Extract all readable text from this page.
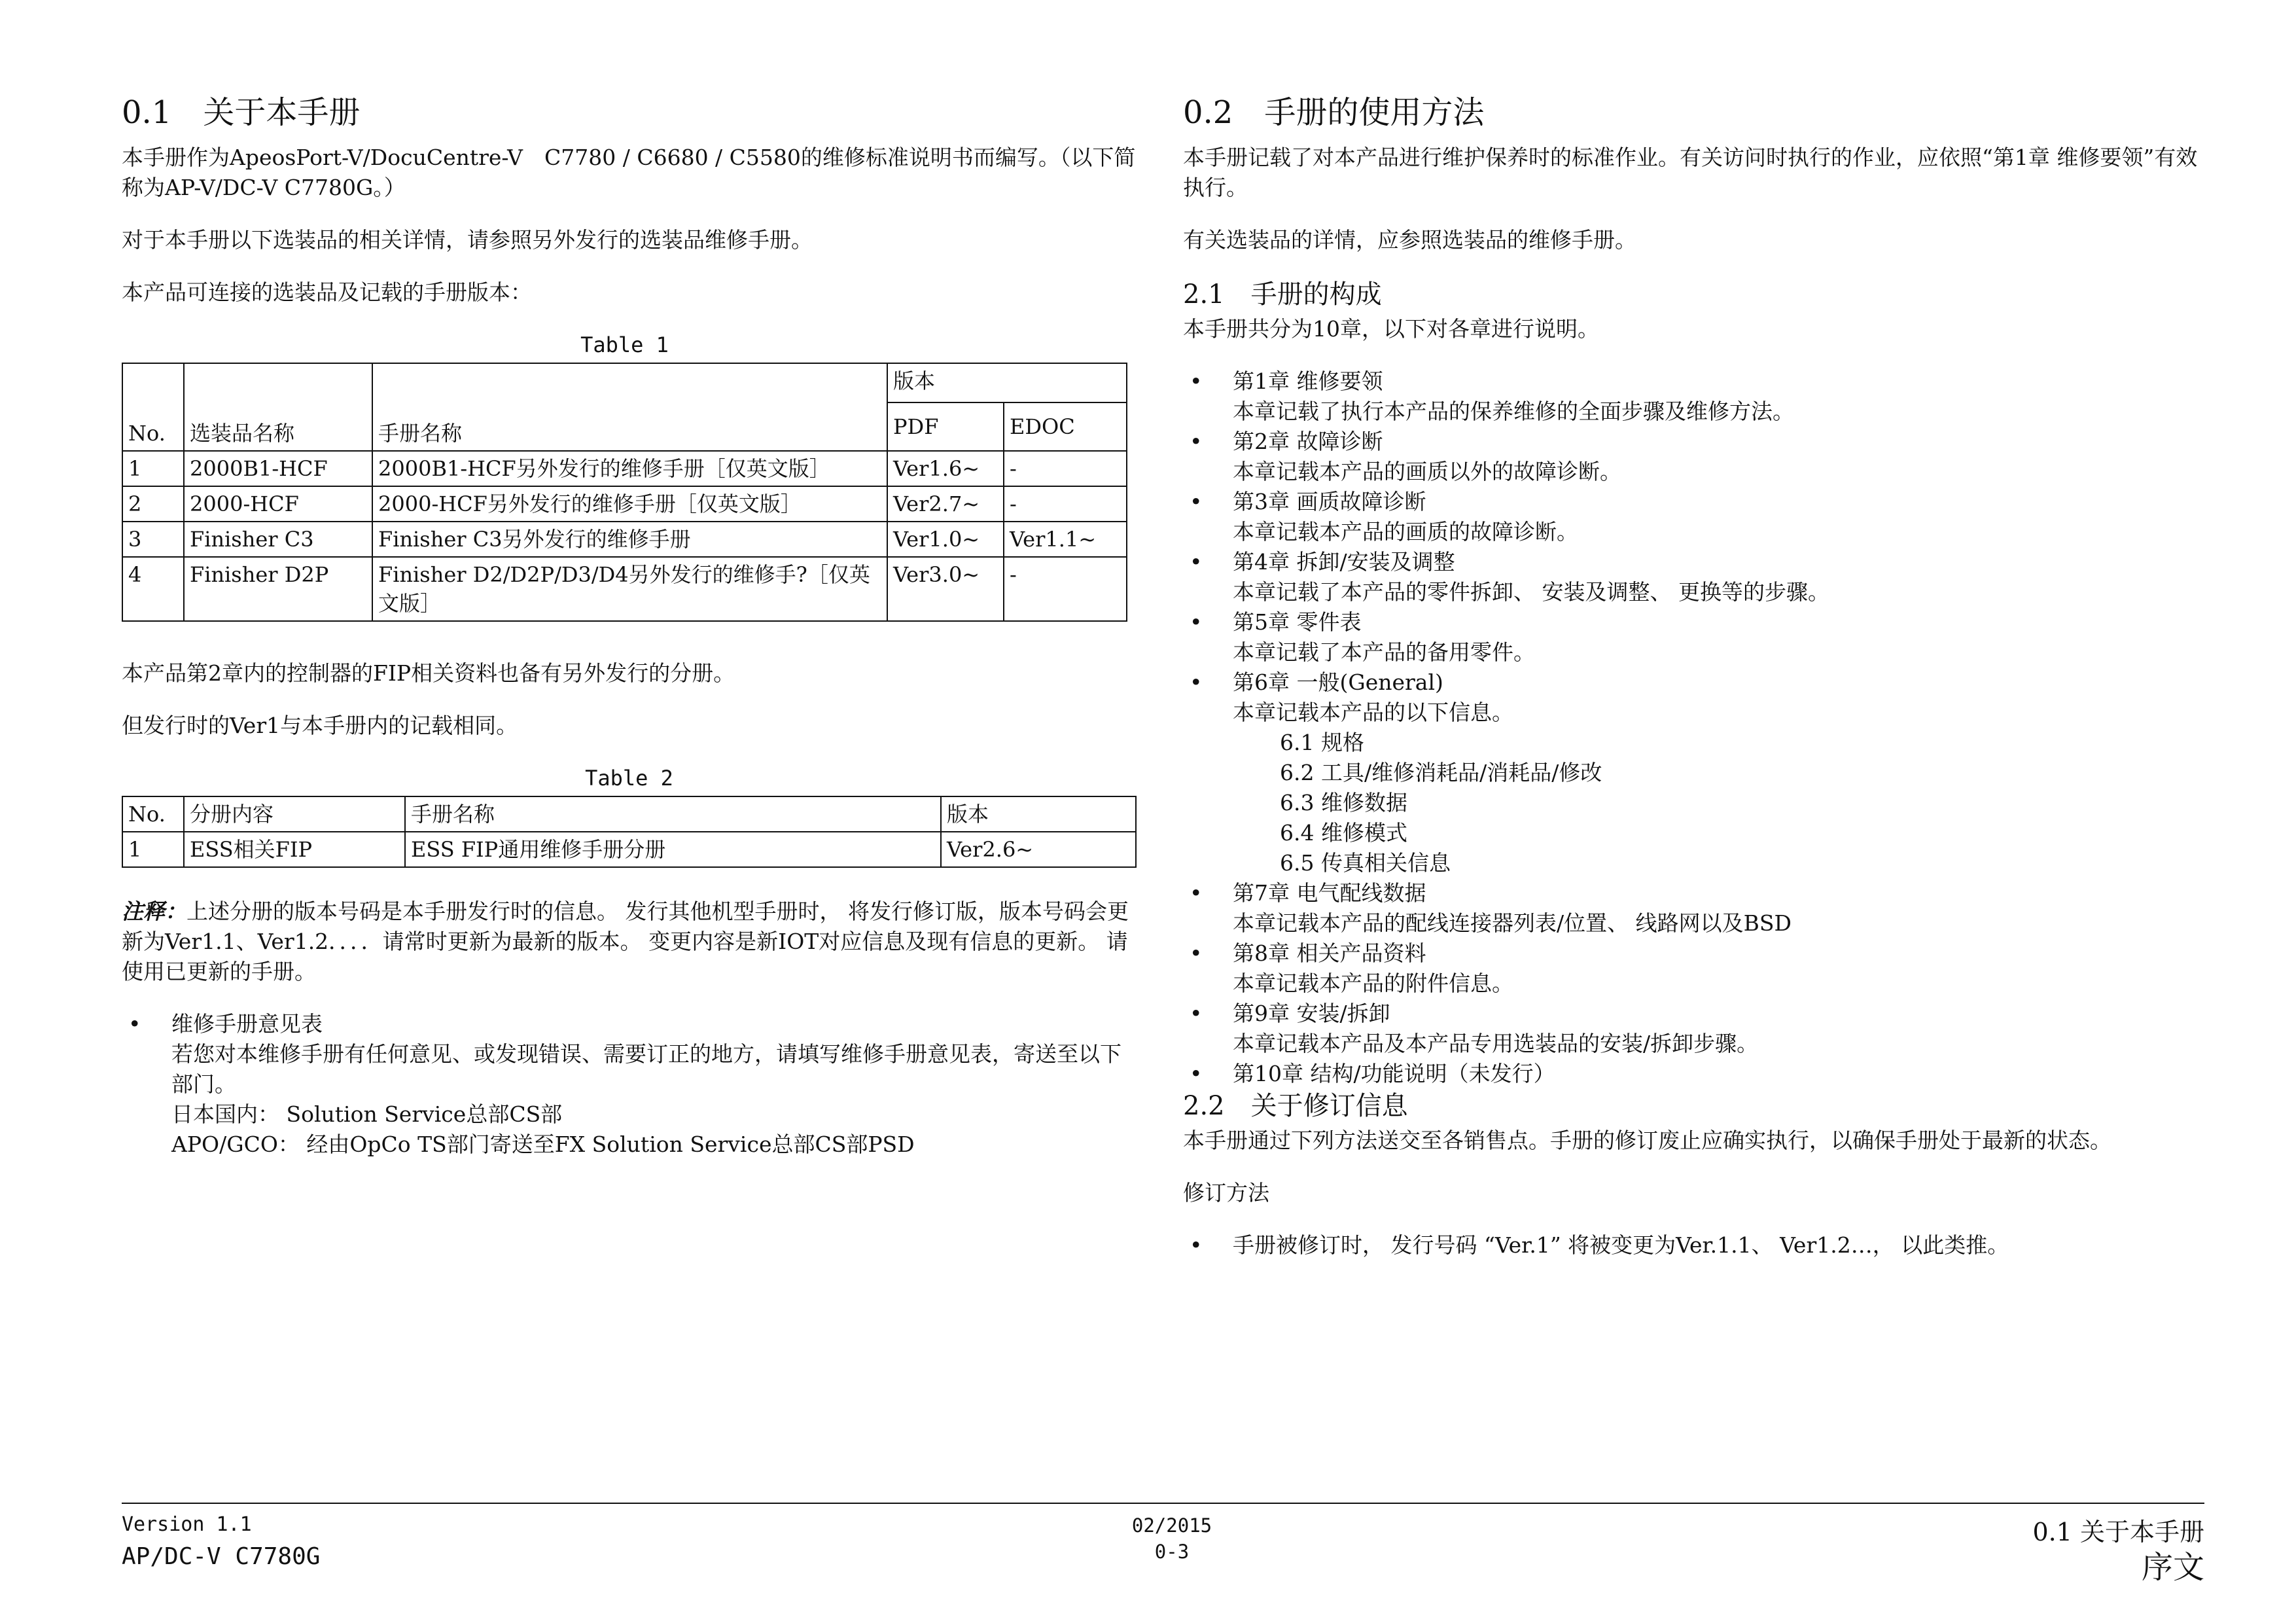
0.1　关于本手册

本手册作为ApeosPort-V/DocuCentre-V　C7780 / C6680 / C5580的维修标准说明书而编写。（以下简称为AP-V/DC-V C7780G。）

对于本手册以下选装品的相关详情，请参照另外发行的选装品维修手册。

本产品可连接的选装品及记载的手册版本：

Table 1
No.	选装品名称	手册名称	版本	
			PDF	EDOC
1	2000B1-HCF	2000B1-HCF另外发行的维修手册［仅英文版］	Ver1.6~	-
2	2000-HCF	2000-HCF另外发行的维修手册［仅英文版］	Ver2.7~	-
3	Finisher C3	Finisher C3另外发行的维修手册	Ver1.0~	Ver1.1~
4	Finisher D2P	Finisher D2/D2P/D3/D4另外发行的维修手?［仅英文版］	Ver3.0~	-

本产品第2章内的控制器的FIP相关资料也备有另外发行的分册。

但发行时的Ver1与本手册内的记载相同。

Table 2
No.	分册内容	手册名称	版本
1	ESS相关FIP	ESS FIP通用维修手册分册	Ver2.6~

注释：上述分册的版本号码是本手册发行时的信息。 发行其他机型手册时， 将发行修订版，版本号码会更新为Ver1.1、Ver1.2．．．．请常时更新为最新的版本。 变更内容是新IOT对应信息及现有信息的更新。 请使用已更新的手册。

• 维修手册意见表
若您对本维修手册有任何意见、或发现错误、需要订正的地方，请填写维修手册意见表，寄送至以下部门。
日本国内： Solution Service总部CS部
APO/GCO： 经由OpCo TS部门寄送至FX Solution Service总部CS部PSD
0.2　手册的使用方法

本手册记载了对本产品进行维护保养时的标准作业。有关访问时执行的作业，应依照“第1章 维修要领”有效执行。

有关选装品的详情，应参照选装品的维修手册。

2.1　手册的构成

本手册共分为10章，以下对各章进行说明。

• 第1章 维修要领
本章记载了执行本产品的保养维修的全面步骤及维修方法。
• 第2章 故障诊断
本章记载本产品的画质以外的故障诊断。
• 第3章 画质故障诊断
本章记载本产品的画质的故障诊断。
• 第4章 拆卸/安装及调整
本章记载了本产品的零件拆卸、 安装及调整、 更换等的步骤。
• 第5章 零件表
本章记载了本产品的备用零件。
• 第6章 一般(General)
本章记载本产品的以下信息。
6.1 规格
6.2 工具/维修消耗品/消耗品/修改
6.3 维修数据
6.4 维修模式
6.5 传真相关信息
• 第7章 电气配线数据
本章记载本产品的配线连接器列表/位置、 线路网以及BSD
• 第8章 相关产品资料
本章记载本产品的附件信息。
• 第9章 安装/拆卸
本章记载本产品及本产品专用选装品的安装/拆卸步骤。
• 第10章 结构/功能说明（未发行）
2.2　关于修订信息

本手册通过下列方法送交至各销售点。手册的修订废止应确实执行，以确保手册处于最新的状态。

修订方法

• 手册被修订时， 发行号码 “Ver.1” 将被变更为Ver.1.1、 Ver1.2…， 以此类推。
Version 1.1
AP/DC-V C7780G
02/2015
0-3
0.1 关于本手册
序文
